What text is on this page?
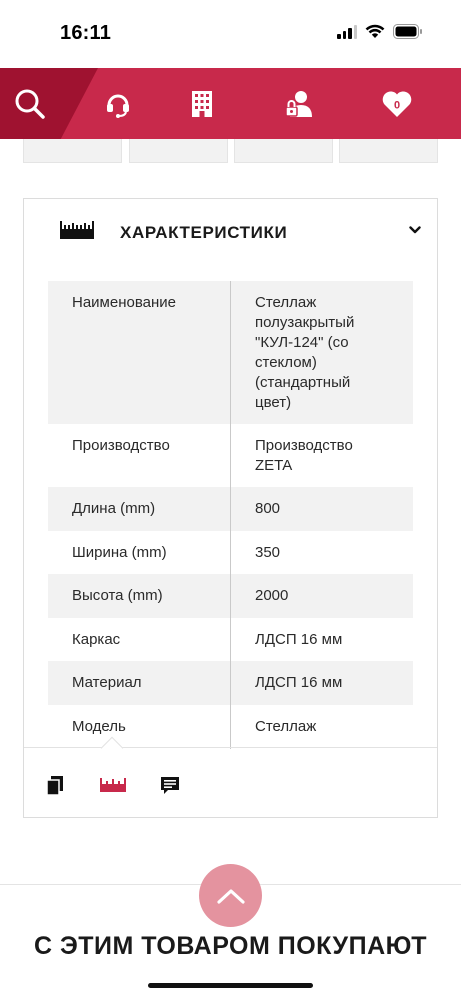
16:11
0
ХАРАКТЕРИСТИКИ
Наименование	Стеллаж
полузакрытый
"КУЛ-124" (со
стеклом)
(стандартный
цвет)
Производство	Производство
ZETA
Длина (mm)	800
Ширина (mm)	350
Высота (mm)	2000
Каркас	ЛДСП 16 мм
Материал	ЛДСП 16 мм
Модель	Стеллаж
С ЭТИМ ТОВАРОМ ПОКУПАЮТ
